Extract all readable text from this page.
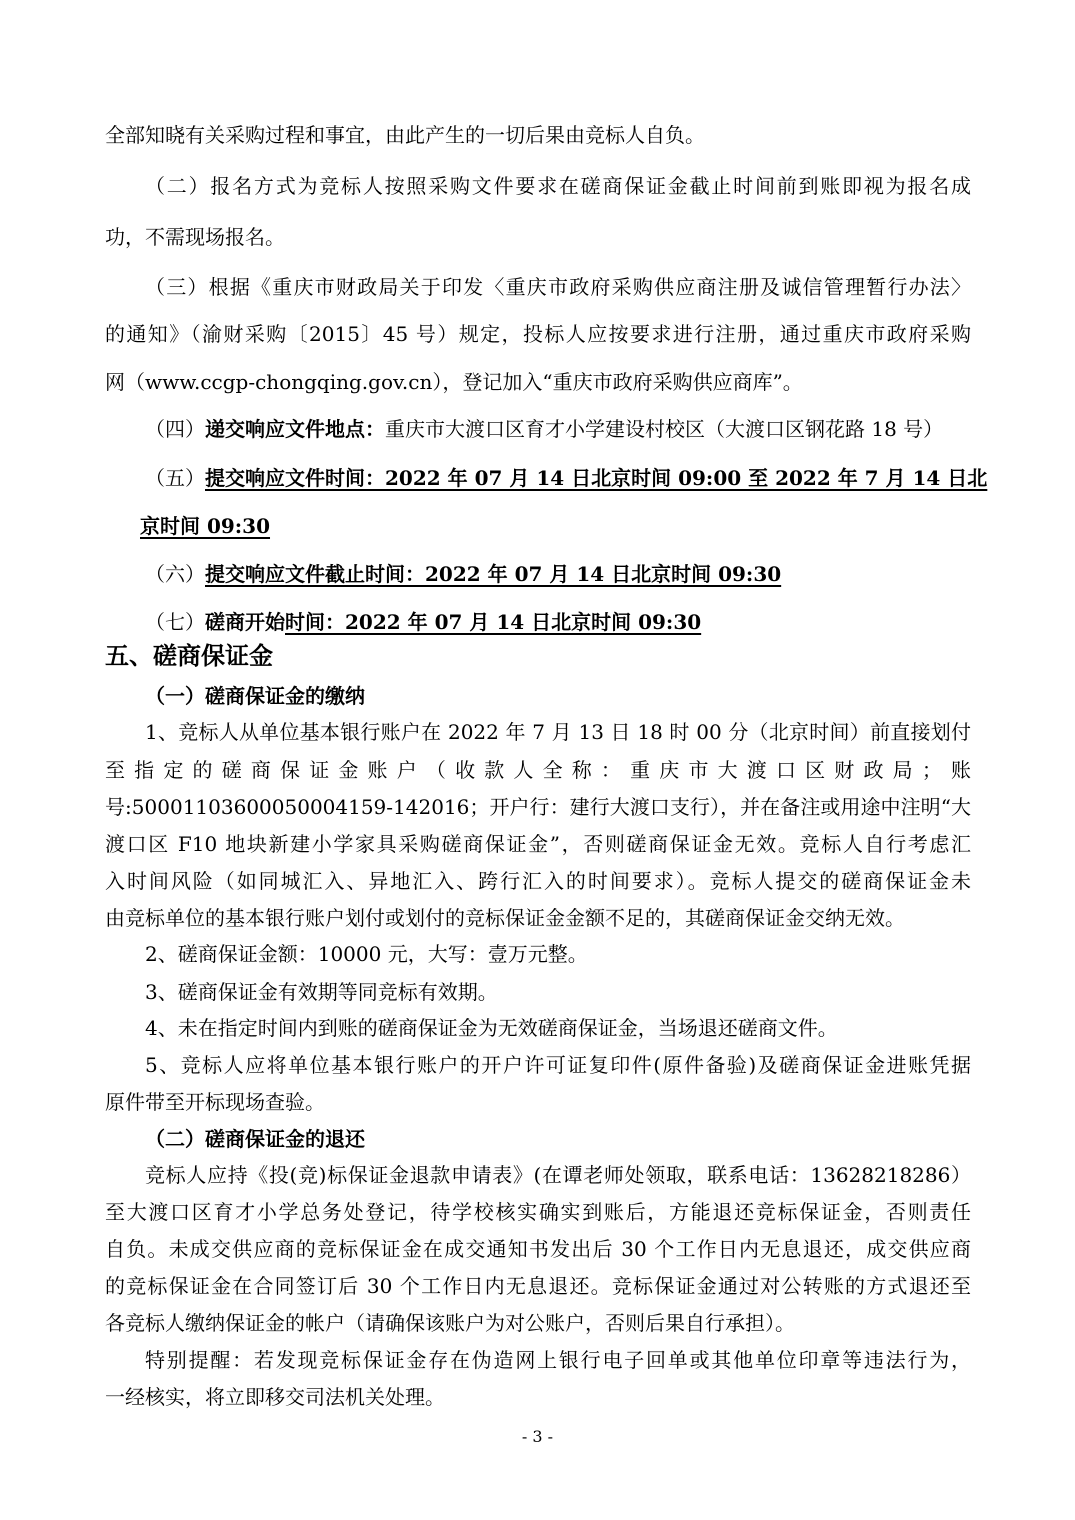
全部知晓有关采购过程和事宜，由此产生的一切后果由竞标人自负。

（二）报名方式为竞标人按照采购文件要求在磋商保证金截止时间前到账即视为报名成

功，不需现场报名。

（三）根据《重庆市财政局关于印发〈重庆市政府采购供应商注册及诚信管理暂行办法〉

的通知》（渝财采购〔2015〕45 号）规定，投标人应按要求进行注册，通过重庆市政府采购

网（www.ccgp-chongqing.gov.cn），登记加入“重庆市政府采购供应商库”。

（四）递交响应文件地点：重庆市大渡口区育才小学建设村校区（大渡口区钢花路 18 号）

（五）提交响应文件时间：2022 年 07 月 14 日北京时间 09:00 至 2022 年 7 月 14 日北

京时间 09:30

（六）提交响应文件截止时间：2022 年 07 月 14 日北京时间 09:30

（七）磋商开始时间：2022 年 07 月 14 日北京时间 09:30

五、磋商保证金
（一）磋商保证金的缴纳

1、竞标人从单位基本银行账户在 2022 年 7 月 13 日 18 时 00 分（北京时间）前直接划付

至指定的磋商保证金账户（收款人全称：重庆市大渡口区财政局；账

号:50001103600050004159-142016；开户行：建行大渡口支行），并在备注或用途中注明“大

渡口区 F10 地块新建小学家具采购磋商保证金”，否则磋商保证金无效。竞标人自行考虑汇

入时间风险（如同城汇入、异地汇入、跨行汇入的时间要求）。竞标人提交的磋商保证金未

由竞标单位的基本银行账户划付或划付的竞标保证金金额不足的，其磋商保证金交纳无效。

2、磋商保证金额：10000 元，大写：壹万元整。

3、磋商保证金有效期等同竞标有效期。

4、未在指定时间内到账的磋商保证金为无效磋商保证金，当场退还磋商文件。

5、竞标人应将单位基本银行账户的开户许可证复印件(原件备验)及磋商保证金进账凭据

原件带至开标现场查验。

（二）磋商保证金的退还

竞标人应持《投(竞)标保证金退款申请表》(在谭老师处领取，联系电话：13628218286）

至大渡口区育才小学总务处登记，待学校核实确实到账后，方能退还竞标保证金，否则责任

自负。未成交供应商的竞标保证金在成交通知书发出后 30 个工作日内无息退还，成交供应商

的竞标保证金在合同签订后 30 个工作日内无息退还。竞标保证金通过对公转账的方式退还至

各竞标人缴纳保证金的帐户（请确保该账户为对公账户，否则后果自行承担）。

特别提醒：若发现竞标保证金存在伪造网上银行电子回单或其他单位印章等违法行为，

一经核实，将立即移交司法机关处理。

- 3 -
